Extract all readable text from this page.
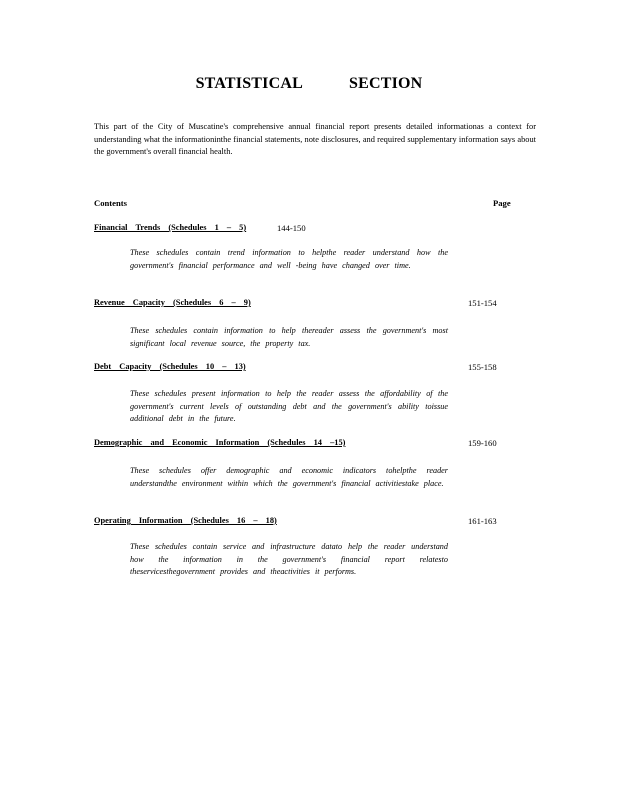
STATISTICAL	SECTION
This part of the City of Muscatine's comprehensive annual financial report presents detailed informationas a context for understanding what the informationinthe financial statements, note disclosures, and required supplementary information says about the government's overall financial health.
Contents	Page
Financial Trends (Schedules 1 – 5)	144-150
These schedules contain trend information to helpthe reader understand how the government's financial performance and well -being have changed over time.
Revenue Capacity (Schedules 6 – 9)	151-154
These schedules contain information to help thereader assess the government's most significant local revenue source, the property tax.
Debt Capacity (Schedules 10 – 13)	155-158
These schedules present information to help the reader assess the affordability of the government's current levels of outstanding debt and the government's ability toissue additional debt in the future.
Demographic and Economic Information (Schedules 14 –15)	159-160
These schedules offer demographic and economic indicators tohelpthe reader understandthe environment within which the government's financial activitiestake place.
Operating Information (Schedules 16 – 18)	161-163
These schedules contain service and infrastructure datato help the reader understand how the information in the government's financial report relatesto theservicesthegovernment provides and theactivities it performs.
